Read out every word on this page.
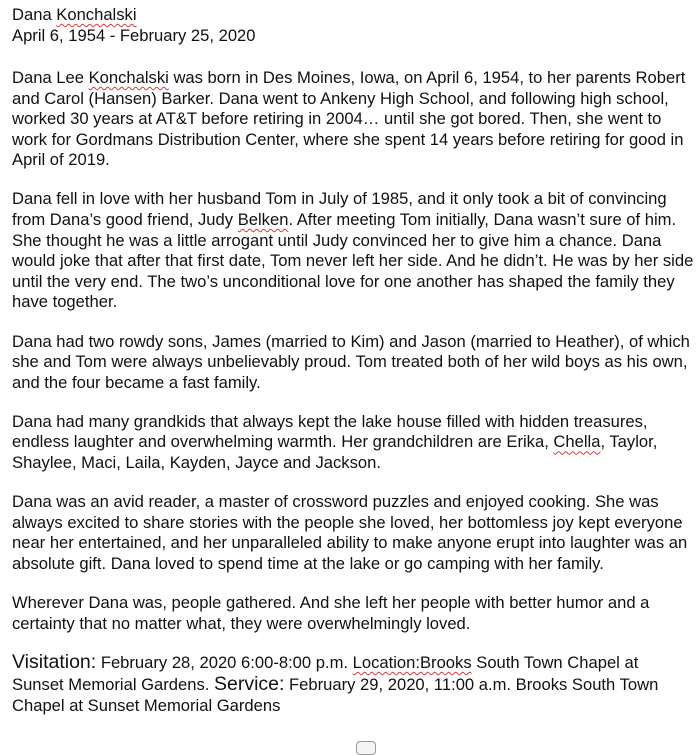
Dana Konchalski

April 6, 1954 - February 25, 2020

Dana Lee Konchalski was born in Des Moines, Iowa, on April 6, 1954, to her parents Robert and Carol (Hansen) Barker. Dana went to Ankeny High School, and following high school, worked 30 years at AT&T before retiring in 2004… until she got bored. Then, she went to work for Gordmans Distribution Center, where she spent 14 years before retiring for good in April of 2019.

Dana fell in love with her husband Tom in July of 1985, and it only took a bit of convincing from Dana’s good friend, Judy Belken. After meeting Tom initially, Dana wasn’t sure of him. She thought he was a little arrogant until Judy convinced her to give him a chance. Dana would joke that after that first date, Tom never left her side. And he didn’t. He was by her side until the very end. The two’s unconditional love for one another has shaped the family they have together.

Dana had two rowdy sons, James (married to Kim) and Jason (married to Heather), of which she and Tom were always unbelievably proud. Tom treated both of her wild boys as his own, and the four became a fast family.

Dana had many grandkids that always kept the lake house filled with hidden treasures, endless laughter and overwhelming warmth. Her grandchildren are Erika, Chella, Taylor, Shaylee, Maci, Laila, Kayden, Jayce and Jackson.

Dana was an avid reader, a master of crossword puzzles and enjoyed cooking. She was always excited to share stories with the people she loved, her bottomless joy kept everyone near her entertained, and her unparalleled ability to make anyone erupt into laughter was an absolute gift. Dana loved to spend time at the lake or go camping with her family.

Wherever Dana was, people gathered. And she left her people with better humor and a certainty that no matter what, they were overwhelmingly loved.

Visitation: February 28, 2020 6:00-8:00 p.m. Location:Brooks South Town Chapel at Sunset Memorial Gardens. Service: February 29, 2020, 11:00 a.m. Brooks South Town Chapel at Sunset Memorial Gardens
